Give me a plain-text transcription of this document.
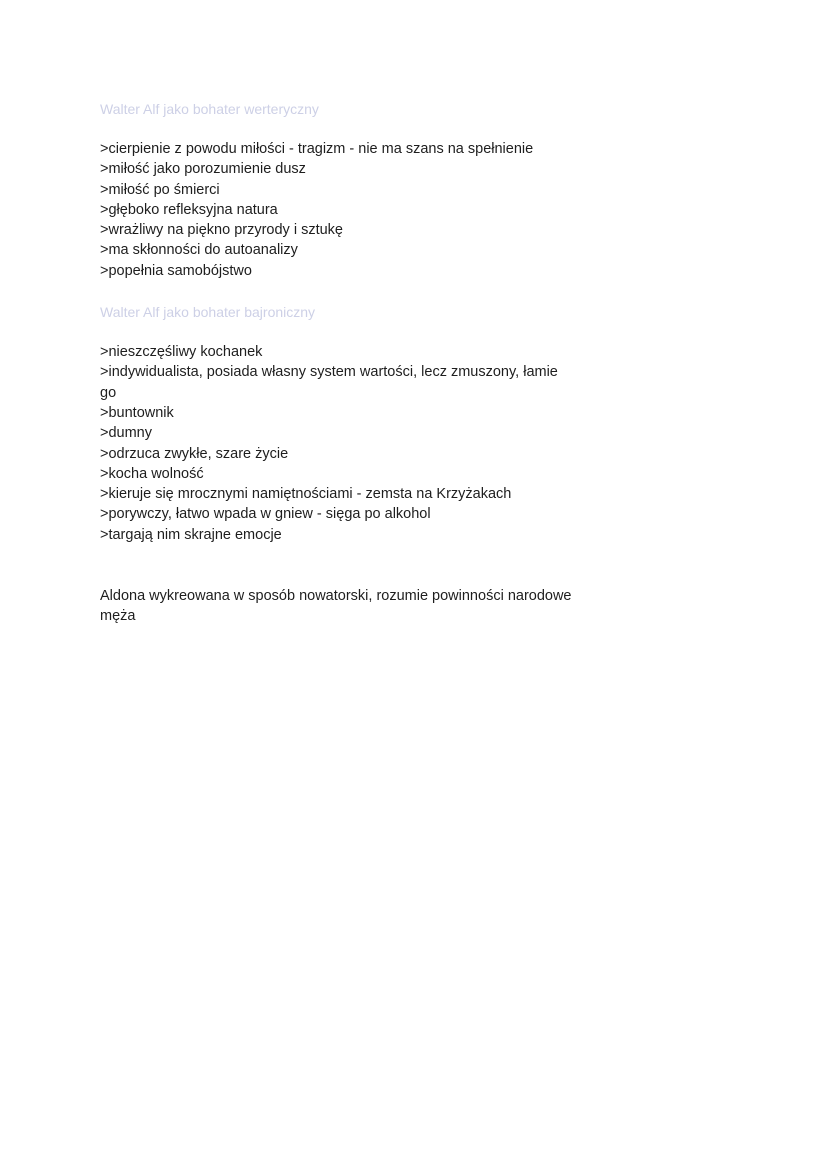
Walter Alf jako bohater werteryczny
>cierpienie z powodu miłości - tragizm - nie ma szans na spełnienie
>miłość jako porozumienie dusz
>miłość po śmierci
>głęboko refleksyjna natura
>wrażliwy na piękno przyrody i sztukę
>ma skłonności do autoanalizy
>popełnia samobójstwo
Walter Alf jako bohater bajroniczny
>nieszczęśliwy kochanek
>indywidualista, posiada własny system wartości, lecz zmuszony, łamie
go
>buntownik
>dumny
>odrzuca zwykłe, szare życie
>kocha wolność
>kieruje się mrocznymi namiętnościami - zemsta na Krzyżakach
>porywczy, łatwo wpada w gniew - sięga po alkohol
>targają nim skrajne emocje

Aldona wykreowana w sposób nowatorski, rozumie powinności narodowe
męża
